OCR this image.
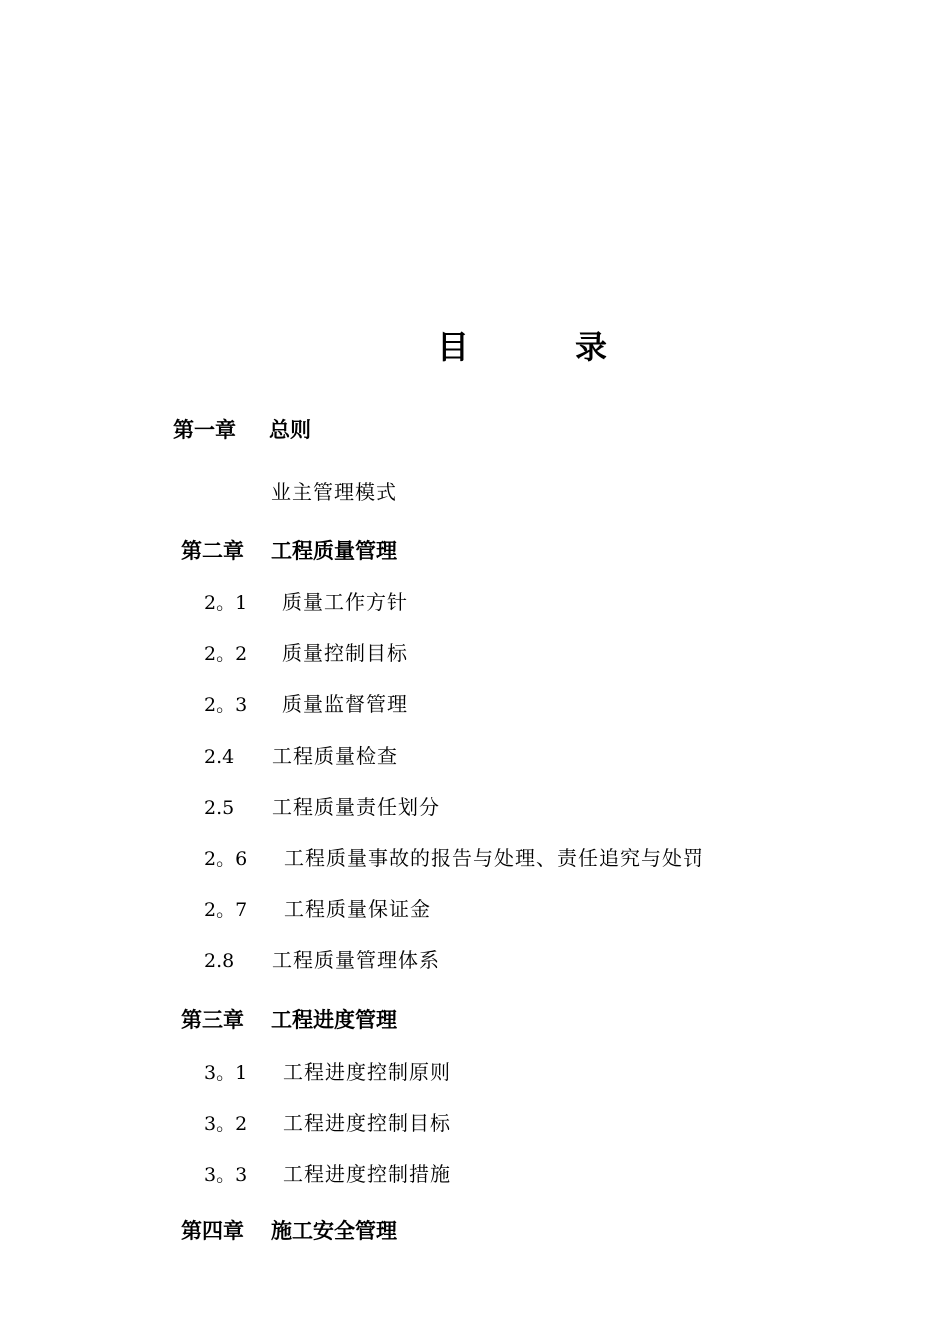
目	录
第一章 总则
业主管理模式
第二章 工程质量管理
2。1 质量工作方针
2。2 质量控制目标
2。3 质量监督管理
2.4 工程质量检查
2.5 工程质量责任划分
2。6 工程质量事故的报告与处理、责任追究与处罚
2。7 工程质量保证金
2.8 工程质量管理体系
第三章 工程进度管理
3。1 工程进度控制原则
3。2 工程进度控制目标
3。3 工程进度控制措施
第四章 施工安全管理
